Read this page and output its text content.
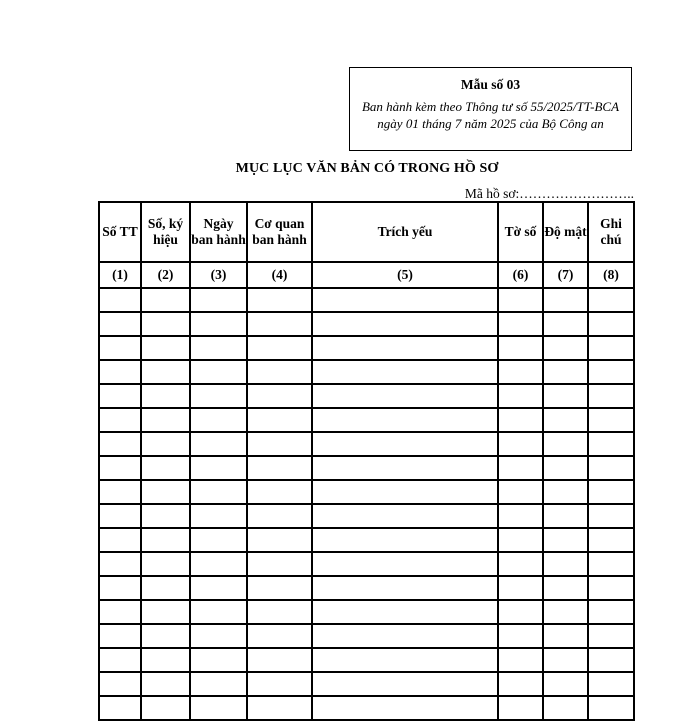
Mẫu số 03
Ban hành kèm theo Thông tư số 55/2025/TT-BCA ngày 01 tháng 7 năm 2025 của Bộ Công an
MỤC LỤC VĂN BẢN CÓ TRONG HỒ SƠ
Mã hồ sơ:……………………..
Số TT	Số, ký hiệu	Ngày ban hành	Cơ quan ban hành	Trích yếu	Tờ số	Độ mật	Ghi chú
(1)	(2)	(3)	(4)	(5)	(6)	(7)	(8)
